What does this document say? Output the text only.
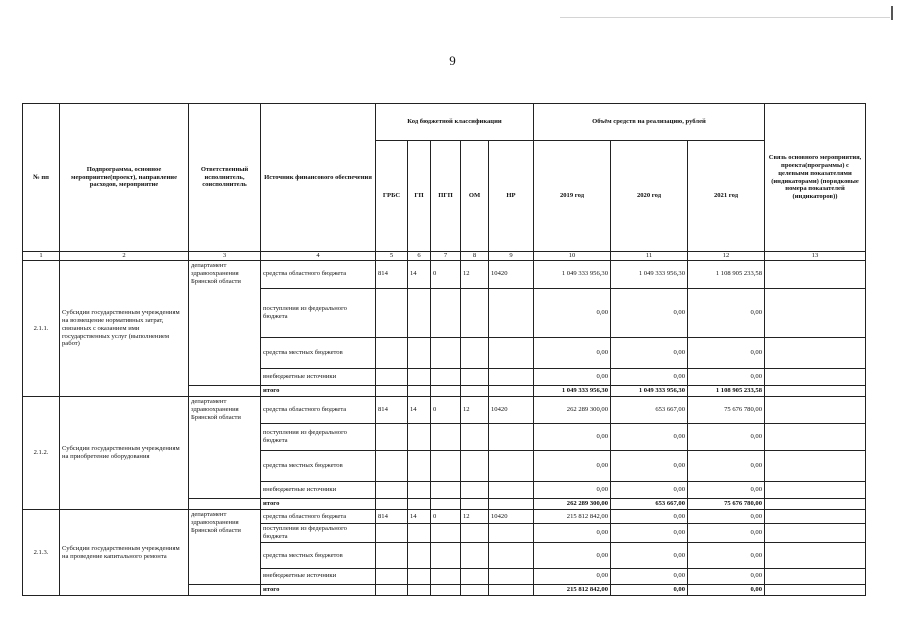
9
№ пп	Подпрограмма, основное мероприятие(проект), направление расходов, мероприятие	Ответственный исполнитель, соисполнитель	Источник финансового обеспечения	Код бюджетной классификации					Объём средств на реализацию, рублей			Связь основного мероприятия, проекта(программы) с целевыми показателями (индикаторами) (порядковые номера показателей (индикаторов))
				ГРБС	ГП	ПГП	ОМ	НР	2019 год	2020 год	2021 год	
1	2	3	4	5	6	7	8	9	10	11	12	13
2.1.1.	Субсидии государственным учреждениям на возмещение нормативных затрат, связанных с оказанием ими государственных услуг (выполнением работ)	департамент здравоохранения Брянской области	средства областного бюджета	814	14	0	12	10420	1 049 333 956,30	1 049 333 956,30	1 108 905 233,58	
			поступления из федерального бюджета						0,00	0,00	0,00	
			средства местных бюджетов						0,00	0,00	0,00	
			внебюджетные источники						0,00	0,00	0,00	
			итого						1 049 333 956,30	1 049 333 956,30	1 108 905 233,58	
2.1.2.	Субсидии государственным учреждениям на приобретение оборудования	департамент здравоохранения Брянской области	средства областного бюджета	814	14	0	12	10420	262 289 300,00	653 667,00	75 676 780,00	
			поступления из федерального бюджета						0,00	0,00	0,00	
			средства местных бюджетов						0,00	0,00	0,00	
			внебюджетные источники						0,00	0,00	0,00	
			итого						262 289 300,00	653 667,00	75 676 780,00	
2.1.3.	Субсидии государственным учреждениям на проведение капитального ремонта	департамент здравоохранения Брянской области	средства областного бюджета	814	14	0	12	10420	215 812 842,00	0,00	0,00	
			поступления из федерального бюджета						0,00	0,00	0,00	
			средства местных бюджетов						0,00	0,00	0,00	
			внебюджетные источники						0,00	0,00	0,00	
			итого						215 812 842,00	0,00	0,00	
